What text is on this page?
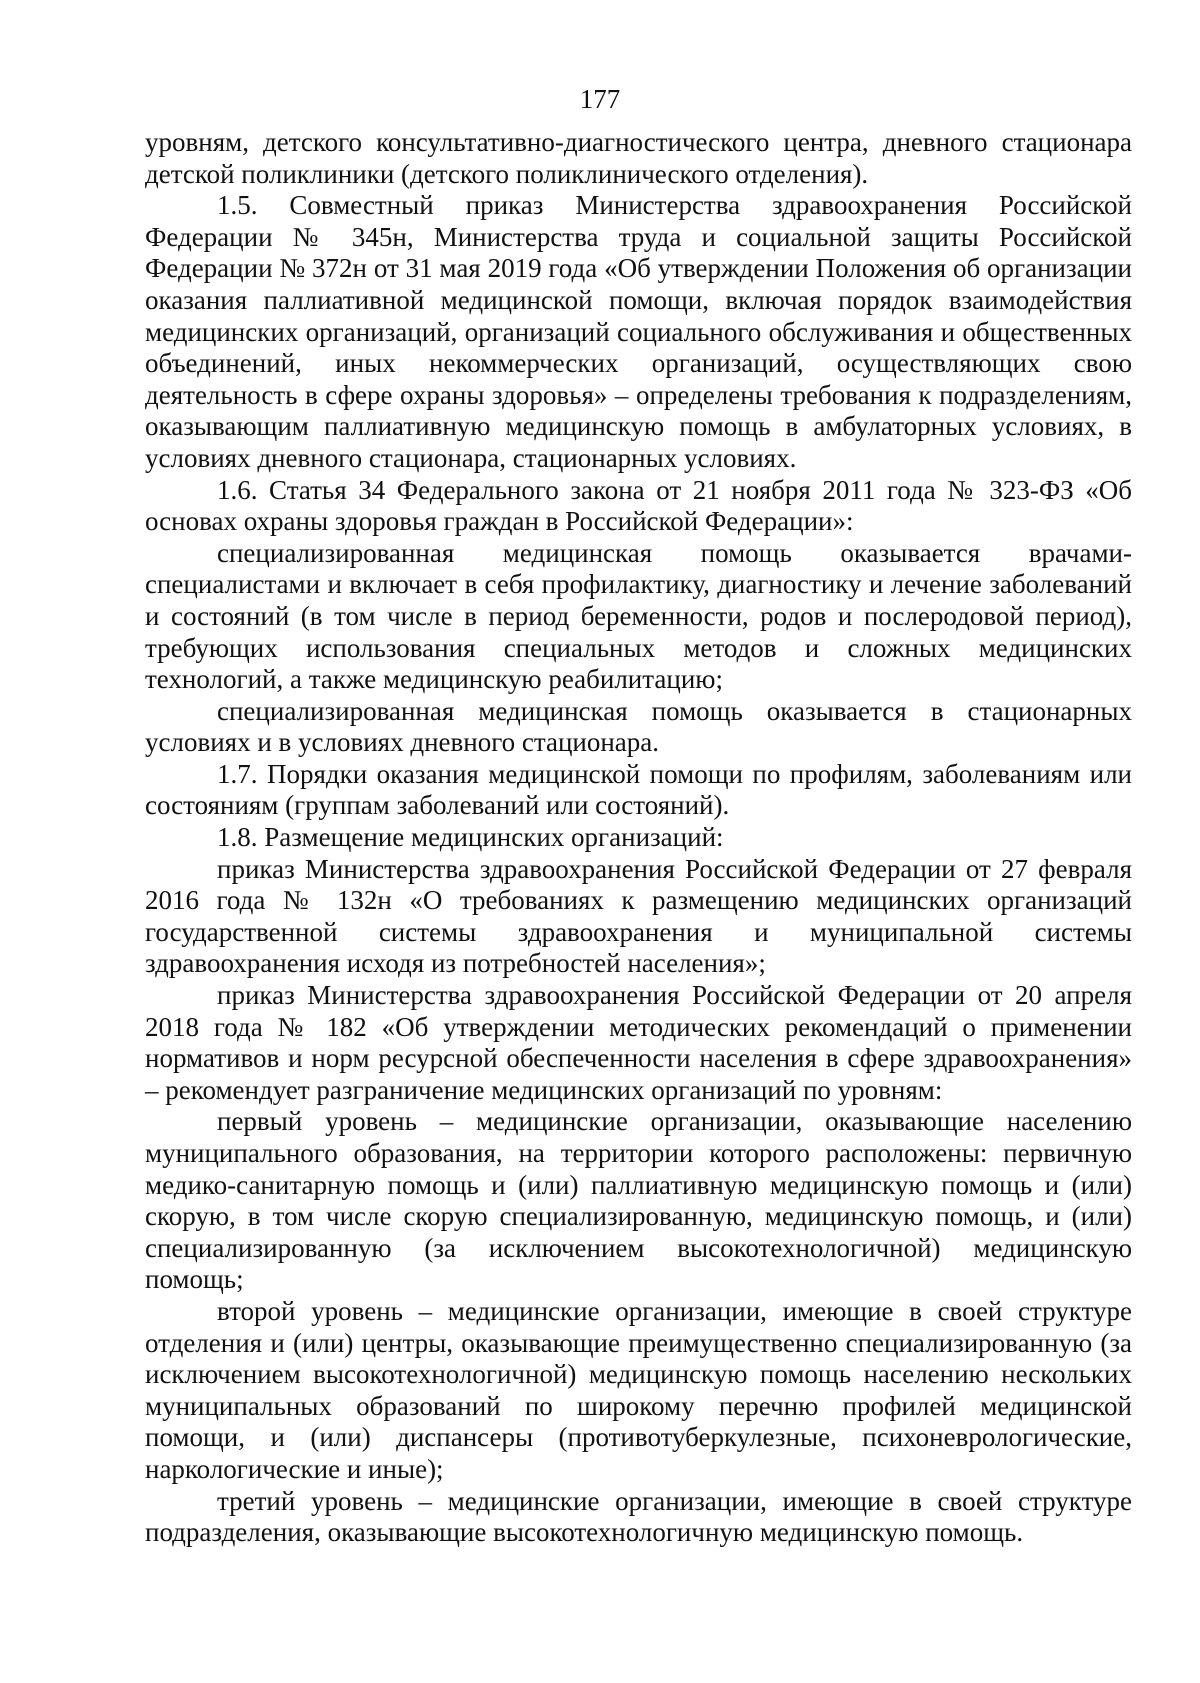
177

уровням, детского консультативно-диагностического центра, дневного стационара детской поликлиники (детского поликлинического отделения).

1.5. Совместный приказ Министерства здравоохранения Российской Федерации № 345н, Министерства труда и социальной защиты Российской Федерации № 372н от 31 мая 2019 года «Об утверждении Положения об организации оказания паллиативной медицинской помощи, включая порядок взаимодействия медицинских организаций, организаций социального обслуживания и общественных объединений, иных некоммерческих организаций, осуществляющих свою деятельность в сфере охраны здоровья» – определены требования к подразделениям, оказывающим паллиативную медицинскую помощь в амбулаторных условиях, в условиях дневного стационара, стационарных условиях.

1.6. Статья 34 Федерального закона от 21 ноября 2011 года № 323-ФЗ «Об основах охраны здоровья граждан в Российской Федерации»:

специализированная медицинская помощь оказывается врачами-специалистами и включает в себя профилактику, диагностику и лечение заболеваний и состояний (в том числе в период беременности, родов и послеродовой период), требующих использования специальных методов и сложных медицинских технологий, а также медицинскую реабилитацию;

специализированная медицинская помощь оказывается в стационарных условиях и в условиях дневного стационара.

1.7. Порядки оказания медицинской помощи по профилям, заболеваниям или состояниям (группам заболеваний или состояний).

1.8. Размещение медицинских организаций:

приказ Министерства здравоохранения Российской Федерации от 27 февраля 2016 года № 132н «О требованиях к размещению медицинских организаций государственной системы здравоохранения и муниципальной системы здравоохранения исходя из потребностей населения»;

приказ Министерства здравоохранения Российской Федерации от 20 апреля 2018 года № 182 «Об утверждении методических рекомендаций о применении нормативов и норм ресурсной обеспеченности населения в сфере здравоохранения» – рекомендует разграничение медицинских организаций по уровням:

первый уровень – медицинские организации, оказывающие населению муниципального образования, на территории которого расположены: первичную медико-санитарную помощь и (или) паллиативную медицинскую помощь и (или) скорую, в том числе скорую специализированную, медицинскую помощь, и (или) специализированную (за исключением высокотехнологичной) медицинскую помощь;

второй уровень – медицинские организации, имеющие в своей структуре отделения и (или) центры, оказывающие преимущественно специализированную (за исключением высокотехнологичной) медицинскую помощь населению нескольких муниципальных образований по широкому перечню профилей медицинской помощи, и (или) диспансеры (противотуберкулезные, психоневрологические, наркологические и иные);

третий уровень – медицинские организации, имеющие в своей структуре подразделения, оказывающие высокотехнологичную медицинскую помощь.
